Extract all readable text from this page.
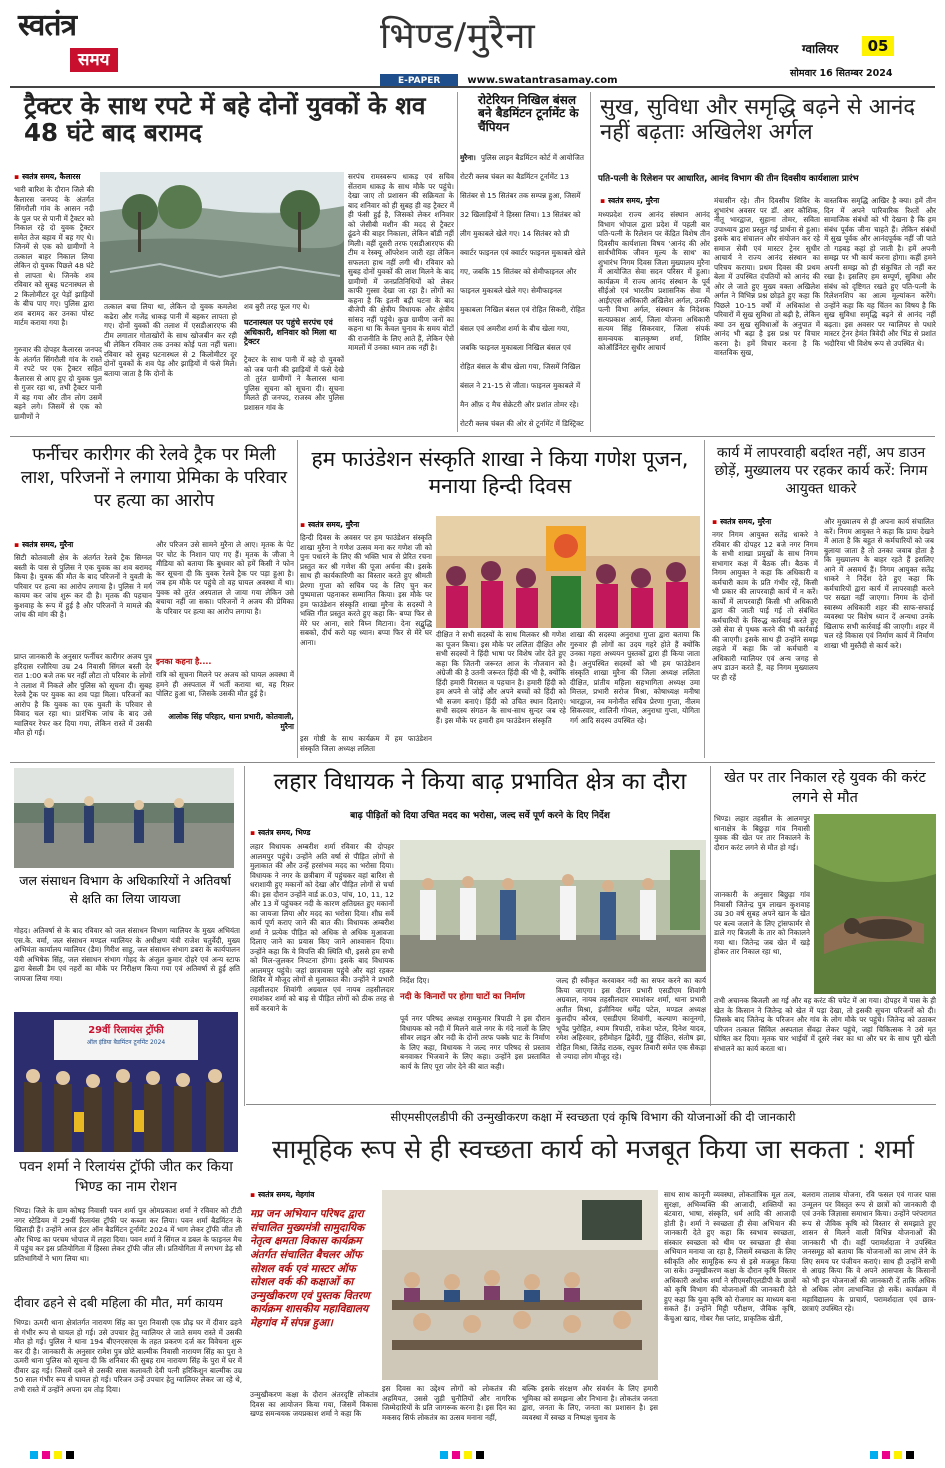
स्वतंत्र
समय
भिण्ड/मुरैना
E-PAPER	www.swatantrasamay.com
ग्वालियर	05
सोमवार 16 सितम्बर 2024
ट्रैक्टर के साथ रपटे में बहे दोनों युवकों के शव 48 घंटे बाद बरामद
▪ स्वतंत्र समय, कैलारस
भारी बारिश के दौरान जिले की कैलारस जनपद के अंतर्गत सिंगरौली गांव के आसन नदी के पुल पर से पानी में ट्रैक्टर को निकाल रहे दो युवक ट्रैक्टर समेत तेज बहाव में बह गए थे। जिनमें से एक को ग्रामीणों ने तत्काल बाहर निकाल लिया लेकिन दो युवक पिछले 48 घंटे से लापता थे। जिनके शव रविवार को सुबह घटनास्थल से 2 किलोमीटर दूर पेड़ों झाड़ियों के बीच पाए गए। पुलिस द्वारा शव बरामद कर उनका पोस्ट मार्टम कराया गया है।
गुरुवार की दोपहर कैलारस जनपद के अंतर्गत सिंगरौली गांव के रास्ते में रपटे पर एक ट्रैक्टर सहित कैलारस से आए हुए दो युवक पुल से गुजर रहा था, तभी ट्रैक्टर पानी में बह गया और तीन लोग उसमें बहने लगे। जिसमें से एक को ग्रामीणों ने
तत्काल बचा लिया था, लेकिन दो युवक कमलेश कढेरा और गजेंद्र धाकड़ पानी में बहकर लापता हो गए। दोनों युवकों की तलाश में एसडीआरएफ की टीम लगातार गोताखोरों के साथ खोजबीन कर रही थी लेकिन रविवार तक उनका कोई पता नहीं चला। रविवार को सुबह घटनास्थल से 2 किलोमीटर दूर दोनों युवकों के शव पेड़ और झाड़ियों में फंसे मिले। बताया जाता है कि दोनों के
शव बुरी तरह फूल गए थे।
घटनास्थल पर पहुंचे सरपंच एवं अधिकारी, शनिवार को मिला था ट्रैक्टर
ट्रैक्टर के साथ पानी में बहे दो युवकों को जब पानी की झाड़ियों में फंसे देखे तो तुरंत ग्रामीणों ने कैलारस थाना पुलिस सूचना को सूचना दी। सूचना मिलते ही जनपद, राजस्व और पुलिस प्रशासन गांव के
सरपंच रामस्वरूप धाकड़ एवं सचिव सेंतराम धाकड़ के साथ मौके पर पहुंचे। देखा जाए तो प्रशासन की सक्रियता के बाद शनिवार को ही सुबह ही वह ट्रैक्टर में ही फंसी हुई है, जिसको लेकर शनिवार को जेसीबी मशीन की मदद से ट्रैक्टर ढूंढने की बाहर निकाला, लेकिन बॉडी नहीं मिली। वहीं दूसरी तरफ एसडीआरएफ की टीम व रेस्क्यू ऑपरेशन जारी रहा लेकिन सफलता हाथ नहीं लगी थी। रविवार को सुबह दोनों युवकों की लाश मिलने के बाद ग्रामीणों में जनप्रतिनिधियों को लेकर काफी गुस्सा देखा जा रहा है। लोगों का कहना है कि इतनी बड़ी घटना के बाद बीजेपी की क्षेत्रीय विधायक और क्षेत्रीय सांसद नहीं पहुंचे। कुछ ग्रामीण जनों का कहना था कि केवल चुनाव के समय वोटों की राजनीति के लिए आते हैं, लेकिन ऐसे मामलों में उनका ध्यान तक नहीं है।
रोटेरियन निखिल बंसल बने बैडमिंटन टूर्नामेंट के चैंपियन
मुरैना। पुलिस लाइन बैडमिंटन कोर्ट में आयोजित रोटरी क्लब चंबल का बैडमिंटन टूर्नामेंट 13 सितंबर से 15 सितंबर तक सम्पन्न हुआ, जिसमें 32 खिलाड़ियों ने हिस्सा लिया। 13 सितंबर को लीग मुकाबले खेले गए। 14 सितंबर को प्री क्वार्टर फाइनल एवं क्वार्टर फाइनल मुकाबले खेले गए, जबकि 15 सितंबर को सेमीफाइनल और फाइनल मुकाबले खेले गए। सेमीफाइनल मुकाबला निखिल बंसल एवं रोहित सिकरी, रोहित बंसल एवं अमरीश शर्मा के बीच खेला गया, जबकि फाइनल मुकाबला निखिल बंसल एवं रोहित बंसल के बीच खेला गया, जिसमें निखिल बंसल ने 21-15 से जीता। फाइनल मुकाबले में मैन ऑफ़ द मैच सेक्रेटरी और प्रशांत तोमर रहे। रोटरी क्लब चंबल की ओर से टूर्नामेंट में डिस्ट्रिक्ट
सुख, सुविधा और समृद्धि बढ़ने से आनंद नहीं बढ़ताः अखिलेश अर्गल
पति-पत्नी के रिलेशन पर आधारित, आनंद विभाग की तीन दिवसीय कार्यशाला प्रारंभ
▪ स्वतंत्र समय, मुरैना
मध्यप्रदेश राज्य आनंद संस्थान आनंद विभाग भोपाल द्वारा प्रदेश में पहली बार पति-पत्नी के रिलेशन पर केंद्रित विशेष तीन दिवसीय कार्यशाला विषय 'आनंद की ओर सार्वभौमिक जीवन मूल्य के साथ' का शुभारंभ निगम दिवस जिला मुख्यालय मुरैना में आयोजित सेवा सदन परिसर में हुआ। कार्यक्रम में राज्य आनंद संस्थान के पूर्व सीईओ एवं भारतीय प्रशासनिक सेवा में आईएएस अधिकारी अखिलेश अर्गल, उनकी पत्नी विभा अर्गल, संस्थान के निदेशक सत्यप्रकाश आर्य, जिला योजना अधिकारी सत्यम सिंह सिकरवार, जिला संपर्क समन्वयक बालकृष्ण शर्मा, शिविर कोऑर्डिनेटर सुधीर आचार्य
मंचासीन रहे। तीन दिवसीय शिविर के शुभारंभ अवसर पर डॉ. आर कौशिक, नीतू भारद्वाज, सुहाना तोमर, सविता उपाध्याय द्वारा प्रस्तुत गई प्रार्थना से हुआ। इसके बाद संचालन और संयोजन कर रहे समाज सेवी एवं मास्टर ट्रेनर सुधीर आचार्य ने राज्य आनंद संस्थान का परिचय कराया। प्रथम दिवस की प्रथम बेला में उपस्थित दंपतियों को आनंद की ओर ले जाते हुए मुख्य वक्ता अखिलेश अर्गल ने विभिन्न प्रश्न छोड़ते हुए कहा कि पिछले 10-15 वर्षों में अधिकांश से परिवारों में सुख सुविधा तो बढ़ी है, लेकिन क्या उन सुख सुविधाओं के अनुपात में आनंद भी बढ़ा है इस प्रश्न पर विचार करना है। हमें विचार करना है कि वास्तविक सुख,
वास्तविक समृद्धि आखिर है क्या। हमें तीन दिन में अपने पारिवारिक रिश्तों और सामाजिक संबंधों को भी देखना है कि हम संबंध पूर्वक जीना चाहते हैं। लेकिन संबंधों में सुख पूर्वक और आनंदपूर्वक नहीं जी पाते तो गड़बड़ कहां हो जाती है। हमें अपनी समझ पर भी कार्य करना होगा। कहीं हमने अपनी समझ को ही संकुचित तो नहीं कर रखा है। इसलिए हम सम्पूर्ण, सुविधा और संबंध को दृष्टिगत रखते हुए पति-पत्नी के रिलेशनशिप का आत्म मूल्यांकन करेंगे। उन्होंने कहा कि यह चिंतन का विषय है कि सुख सुविधा समृद्धि बढ़ने से आनंद नहीं बढ़ता। इस अवसर पर ग्वालियर से पधारे मास्टर ट्रेनर हेमंत त्रिवेदी और भिंड से प्रशांत भदौरिया भी विशेष रूप से उपस्थित थे।
फर्नीचर कारीगर की रेलवे ट्रैक पर मिली लाश, परिजनों ने लगाया प्रेमिका के परिवार पर हत्या का आरोप
▪ स्वतंत्र समय, मुरैना
सिटी कोतवाली क्षेत्र के अंतर्गत रेलवे ट्रैक सिग्नल बस्ती के पास से पुलिस ने एक युवक का शव बरामद किया है। युवक की मौत के बाद परिजनों ने युवती के परिवार पर हत्या का आरोप लगाया है। पुलिस ने मर्ग कायम कर जांच शुरू कर दी है। मृतक की पहचान कुशवाह के रूप में हुई है और परिजनों ने मामले की जांच की मांग की है।
प्राप्त जानकारी के अनुसार फर्नीचर कारीगर अजय पुत्र हरिदास रजौरिया उम्र 24 निवासी सिंगल बस्ती देर रात 1:00 बजे तक घर नहीं लौटा तो परिवार के लोगों ने तलाश में निकले और पुलिस को सूचना दी। सुबह रेलवे ट्रैक पर युवक का शव पड़ा मिला। परिजनों का आरोप है कि युवक का एक युवती के परिवार से विवाद चल रहा था। प्रारंभिक जांच के बाद उसे ग्वालियर रेफर कर दिया गया, लेकिन रास्ते में उसकी मौत हो गई।
और परिजन उसे सामने मुरैना ले आए। मृतक के पेट पर चोट के निशान पाए गए हैं। मृतक के जीजा ने मीडिया को बताया कि बुधवार को हमें किसी ने फोन कर सूचना दी कि युवक रेलवे ट्रैक पर पड़ा हुआ है। जब हम मौके पर पहुंचे तो वह घायल अवस्था में था। युवक को तुरंत अस्पताल ले जाया गया लेकिन उसे बचाया नहीं जा सका। परिजनों ने अजय की प्रेमिका के परिवार पर हत्या का आरोप लगाया है।
इनका कहना है....
रात्रि को सूचना मिलने पर अजय को घायल अवस्था में हमने ही अस्पताल में भर्ती कराया था, वह रिफ़र पोलिट हुआ था, जिसके उसकी मौत हुई है।
आलोक सिंह परिहार, थाना प्रभारी, कोतवाली, मुरैना
हम फाउंडेशन संस्कृति शाखा ने किया गणेश पूजन, मनाया हिन्दी दिवस
▪ स्वतंत्र समय, मुरैना
हिन्दी दिवस के अवसर पर हम फाउंडेशन संस्कृति शाखा मुरैना ने गणेश उत्सव मना कर गणेश जी को पुनः पधारने के लिए की भक्ति भाव से प्रेरित रचना प्रस्तुत कर श्री गणेश की पूजा अर्चना की। इसके साथ ही कार्यकारिणी का विस्तार करते हुए श्रीमती प्रेरणा गुप्ता को सचिव पद के लिए चुन कर पुष्पमाला पहनाकर सम्मानित किया। इस मौके पर हम फाउंडेशन संस्कृति शाखा मुरैना के सदस्यों ने भक्ति गीत प्रस्तुत करते हुए कहा कि- बप्पा फिर से मेरे घर आना, सारे विघ्न मिटाना। देना सद्बुद्धि सबको, दीर्घ करो यह ध्यान। बप्पा फिर से मेरे घर आना।
इस गोष्ठी के साथ कार्यक्रम में हम फाउंडेशन संस्कृति जिला अध्यक्ष ललिता
दीक्षित ने सभी सदस्यों के साथ मिलकर श्री गणेश का पूजन किया। इस मौके पर ललिता दीक्षित और सभी सदस्यों ने हिंदी भाषा पर विशेष जोर देते हुए कहा कि जितनी जरूरत आज के नौजवान को अंग्रेजी की है उतनी जरूरत हिंदी की भी है, क्योंकि हिंदी हमारी विरासत व पहचान है। हमारी हिंदी को हम अपने से जोड़ें और अपने बच्चों को हिंदी को भी सजग बनाएं। हिंदी को उचित स्थान दिलाएं। सभी सदस्य संगठन के साथ-साथ सुन्दर जब रहे हैं। इस मौके पर हमारी हम फाउंडेशन संस्कृति
शाखा की सदस्या अनुराधा गुप्ता द्वारा बताया कि गुरुवार ही लोगों का उदय गहरे होते हैं क्योंकि उनका गहरा अध्ययन पुस्तकों द्वारा ही किया जाता है। अनुपस्थित सदस्यों को भी हम फाउंडेशन संस्कृति शाखा मुरैना की जिला अध्यक्ष ललिता दीक्षित, प्रांतीय महिला सहभागिता अध्यक्ष उमा मित्तल, प्रभारी सरोज मिश्रा, कोषाध्यक्ष मनीषा भारद्वाज, नव मनोनीत सचिव प्रेरणा गुप्ता, नीलम सिकरवार, शालिनी गोयल, अनुराधा गुप्ता, योगिता गर्ग आदि सदस्य उपस्थित रहे।
कार्य में लापरवाही बर्दाश्त नहीं, अप डाउन छोड़ें, मुख्यालय पर रहकर कार्य करें: निगम आयुक्त धाकरे
▪ स्वतंत्र समय, मुरैना
नगर निगम आयुक्त सतेंद्र धाकरे ने रविवार की दोपहर 12 बजे नगर निगम के सभी शाखा प्रमुखों के साथ निगम सभागार कक्ष में बैठक ली। बैठक में निगम आयुक्त ने कहा कि अधिकारी व कर्मचारी काम के प्रति गंभीर रहें, किसी भी प्रकार की लापरवाही कार्य में न करें। कार्यों में लापरवाही किसी भी अधिकारी द्वारा की जाती पाई गई तो संबंधित कर्मचारियों के विरुद्ध कार्रवाई करते हुए उसे सेवा से पृथक करने की भी कार्रवाई की जाएगी। इसके साथ ही उन्होंने समझ लहजे में कहा कि जो कर्मचारी व अधिकारी ग्वालियर एवं अन्य जगह से अप डाउन करते हैं, वह निगम मुख्यालय पर ही रहें
और मुख्यालय से ही अपना कार्य संचालित करें। निगम आयुक्त ने कहा कि प्रायः देखने में आता है कि बहुत से कर्मचारियों को जब बुलाया जाता है तो उनका जवाब होता है कि मुख्यालय के बाहर रहते हैं इसलिए आने में असमर्थ हैं। निगम आयुक्त सतेंद्र धाकरे ने निर्देश देते हुए कहा कि कर्मचारियों द्वारा कार्य में लापरवाही करने पर सख्ता नहीं जाएगा। निगम के दोनों स्वास्थ्य अधिकारी शहर की साफ-सफाई व्यवस्था पर विशेष ध्यान दें अन्यथा उनके खिलाफ सभी कार्रवाई की जाएगी। शहर में चल रहे विकास एवं निर्माण कार्य में निर्माण शाखा भी मुस्तैदी से कार्य करे।
जल संसाधन विभाग के अधिकारियों ने अतिवर्षा से क्षति का लिया जायजा
गोहद। अतिवर्षा से के बाद रविवार को जल संसाधन विभाग ग्वालियर के मुख्य अभियंता एस.के. वर्मा, जल संसाधन मण्डल ग्वालियर के अधीक्षण यंत्री राजेश चतुर्वेदी, मुख्य अभियंता कार्यालय ग्वालियर (डैम) गिरीश साहू, जल संसाधन संभाग डबरा के कार्यपालन यंत्री अभिषेक सिंह, जल संसाधन संभाग गोहद के अंजुल कुमार दोहरे एवं अन्य स्टाफ द्वारा बेसली डैम एवं नहरों का मौके पर निरीक्षण किया गया एवं अतिवर्षा से हुई क्षति जायजा लिया गया।
29वीं रिलायंस ट्रॉफी
ऑल इंडिया बैडमिंटन टूर्नामेंट 2024
पवन शर्मा ने रिलायंस ट्रॉफी जीत कर किया भिण्ड का नाम रोशन
भिण्ड। जिले के ग्राम कोषड़ निवासी पवन शर्मा पुत्र ओमप्रकाश शर्मा ने रविवार को टीटी नगर स्टेडियम में 29वीं रिलायंस ट्रॉफी पर कब्जा कर लिया। पवन शर्मा बैडमिंटन के खिलाड़ी हैं। उन्होंने आज इंटर ऑन बैडमिंटन टूर्नामेंट 2024 में भाग लेकर ट्रॉफी जीत ली और भिण्ड का परचम भोपाल में लहरा दिया। पवन शर्मा ने सिंगल व डबल के फाइनल मैच में पहुंच कर इस प्रतियोगिता में हिस्सा लेकर ट्रॉफी जीत ली। प्रतियोगिता में लगभग डेढ़ सौ प्रतिभागियों ने भाग लिया था।
दीवार ढहने से दबी महिला की मौत, मर्ग कायम
भिण्ड। ऊमरी थाना क्षेत्रांतर्गत नारायण सिंह का पुरा निवासी एक प्रौढ़ घर में दीवार ढहने से गंभीर रूप से घायल हो गई। उसे उपचार हेतु ग्वालियर ले जाते समय रास्ते में उसकी मौत हो गई। पुलिस ने थाना 194 बीएनएसएस के तहत प्रकरण दर्ज कर विवेचना शुरू कर दी है। जानकारी के अनुसार रामेश पुत्र छोटे बाल्मीक निवासी नारायण सिंह का पुरा ने ऊमरी थाना पुलिस को सूचना दी कि शनिवार की सुबह राम नारायण सिंह के पुरा में घर में दीवार ढह गई। जिसमें दबने से उसकी सास कलावती देवी पत्नी हरिकिशुन बाल्मीक उम्र 50 साल गंभीर रूप से घायल हो गई। परिजन उन्हें उपचार हेतु ग्वालियर लेकर जा रहे थे, तभी रास्ते में उन्होंने अपना दम तोड़ दिया।
लहार विधायक ने किया बाढ़ प्रभावित क्षेत्र का दौरा
बाढ़ पीड़ितों को दिया उचित मदद का भरोसा, जल्द सर्वे पूर्ण करने के दिए निर्देश
▪ स्वतंत्र समय, भिण्ड
लहार विधायक अम्बरीश शर्मा रविवार की दोपहर आलमपुर पहुंचे। उन्होंने अति वर्षा से पीड़ित लोगों से मुलाकात की और उन्हें हरसंभव मदद का भरोसा दिया। विधायक ने नगर के छत्रीबाग में पहुंचकर वहां बारिश से धराशायी हुए मकानों को देखा और पीड़ित लोगों से चर्चा की। इस दौरान उन्होंने वार्ड क्र.03, पांच, 10, 11, 12 और 13 में पहुंचकर नदी के कारण क्षतिग्रस्त हुए मकानों का जायजा लिया और मदद का भरोसा दिया। शीघ्र सर्वे कार्य पूर्ण कराए जाने की बात की। विधायक अम्बरीश शर्मा ने प्रत्येक पीड़ित को अधिक से अधिक मुआवजा दिलाए जाने का प्रयास किए जाने आश्वासन दिया। उन्होंने कहा कि ये विपत्ति की स्थिति थी, इससे हम सभी को मिल-जुलकर निपटना होगा। इसके बाद विधायक आलमपुर पहुंचे। जहां छात्रावास पहुंचे और वहां रहकर शिविर में मौजूद लोगों से मुलाकात की। उन्होंने ने प्रभारी तहसीलदार शिवांगी अग्रवाल एवं नायब तहसीलदार रमाशंकर शर्मा को बाढ़ से पीड़ित लोगों को ठीक तरह से सर्वे करवाने के
निर्देश दिए।
नदी के किनारों पर होगा घाटों का निर्माण
पूर्व नगर परिषद अध्यक्ष रामकुमार त्रिपाठी ने इस दौरान विधायक को नदी में मिलने वाले नगर के गंदे नालों के लिए सीवर लाइन और नदी के दोनों तरफ पक्के घाट के निर्माण के लिए कहा, विधायक ने जल्द नगर परिषद से प्रस्ताव बनवाकर भिजवाने के लिए कहा। उन्होंने इस प्रस्तावित कार्य के लिए पूरा जोर देने की बात कही।
जल्द ही स्वीकृत करवाकर नदी का सफर करने का कार्य किया जाएगा। इस दौरान प्रभारी एसडीएम शिवांगी अग्रवाल, नायब तहसीलदार रमाशंकर शर्मा, थाना प्रभारी अतीत मिश्रा, इंजीनियर धर्मेंद्र पटेल, मण्डल अध्यक्ष कुलदीप कौरव, एसडीएम शिवांगी, कल्याण कानूनगो, भूपेंद्र पुरोहित, श्याम त्रिपाठी, राकेश पटेल, दिनेश यादव, रमेश अहिरवार, हरीमोहन द्विवेदी, गुड्डु दीक्षित, संतोष झा, रोहित मिश्रा, जितेंद्र राठक, रघुवर तिवारी समेत एक सैकड़ा से ज्यादा लोग मौजूद रहे।
खेत पर तार निकाल रहे युवक की करंट लगने से मौत
भिण्ड। लहार तहसील के आलमपुर थानाक्षेत्र के बिछुड़ा गांव निवासी युवक की खेत पर तार निकालने के दौरान करंट लगने से मौत हो गई।
जानकारी के अनुसार बिछुड़ा गांव निवासी जितेन्द्र पुत्र लाखन कुशवाह उम्र 30 वर्ष सुबह अपने खान के खेत पर बल्व जलाने के लिए ट्रांसफार्मर से डाले गए बिजली के तार को निकालने गया था। जितेन्द्र जब खेत में खड़े होकर तार निकाल रहा था,
तभी अचानक बिजली आ गई और वह करंट की चपेट में आ गया। दोपहर में पास के ही खेत के किसान ने जितेन्द्र को खेत में पड़ा देखा, तो इसकी सूचना परिजनों को दी। जिसके बाद जितेन्द्र के परिजन और गांव के लोग मौके पर पहुंचे। जितेन्द्र को उठाकर परिजन तत्काल सिविल अस्पताल सेंवढ़ा लेकर पहुंचे, जहां चिकित्सक ने उसे मृत घोषित कर दिया। मृतक चार भाईयों में दूसरे नंबर का था और घर के साथ पूरी खेती संभालने का कार्य करता था।
सीएमसीएलडीपी की उन्मुखीकरण कक्षा में स्वच्छता एवं कृषि विभाग की योजनाओं की दी जानकारी
सामूहिक रूप से ही स्वच्छता कार्य को मजबूत किया जा सकता : शर्मा
▪ स्वतंत्र समय, मेहगांव
मप्र जन अभियान परिषद द्वारा संचालित मुख्यमंत्री सामुदायिक नेतृत्व क्षमता विकास कार्यक्रम अंतर्गत संचालित बैचलर ऑफ सोशल वर्क एवं मास्टर ऑफ सोशल वर्क की कक्षाओं का उन्मुखीकरण एवं पुस्तक वितरण कार्यक्रम शासकीय महाविद्यालय मेहगांव में संपन्न हुआ।
उन्मुखीकरण कक्षा के दौरान अंतरदृष्टि लोकतंत्र दिवस का आयोजन किया गया, जिसमें विकास खण्ड समन्वयक जयप्रकाश शर्मा ने कहा कि
इस दिवस का उद्देश्य लोगों को लोकतंत्र की अहमियत, उससे जुड़ी चुनौतियों और नागरिक जिम्मेदारियों के प्रति जागरूक करना है। इस दिन का मकसद सिर्फ लोकतंत्र का उत्सव मनाना नहीं,
बल्कि इसके संरक्षण और संवर्धन के लिए हमारी भूमिका को समझना और निभाना है। लोकतंत्र जनता द्वारा, जनता के लिए, जनता का प्रशासन है। इस व्यवस्था में स्वच्छ व निष्पक्ष चुनाव के
साथ साथ कानूनी व्यवस्था, लोकतांत्रिक मूल तत्व, सुरक्षा, अभिव्यक्ति की आजादी, शक्तियों का बंटवारा, भाषा, संस्कृति, धर्म आदि की आजादी होती है। शर्मा ने स्वच्छता ही सेवा अभियान की जानकारी देते हुए कहा कि स्वभाव स्वच्छता, संस्कार स्वच्छता को थीम पर स्वच्छता ही सेवा अभियान मनाया जा रहा है, जिसमें स्वच्छता के लिए स्वीकृति और सामूहिक रूप से इसे मजबूत किया जा सके। उन्मुखीकरण कक्षा के दौरान कृषि विस्तार अधिकारी अशोक शर्मा ने सीएमसीएलडीपी के छात्रों को कृषि विभाग की योजनाओं की जानकारी देते हुए कहा कि युवा कृषि को रोजगार का माध्यम बना सकते हैं। उन्होंने मिट्टी परीक्षण, जैविक कृषि, केंचुआ खाद, गोबर गैस प्लांट, प्राकृतिक खेती,
बलराम तालाब योजना, रवि फसल एवं गाजर घास उन्मूलन पर विस्तृत रूप से छात्रों को जानकारी दी एवं उनके जिज्ञासा समाधान किया। उन्होंने परंपरागत रूप से जैविक कृषि को विस्तार से समझाते हुए शासन से मिलने वाली विभिन्न योजनाओं की जानकारी भी दी। वहीं परामर्शदाता ने उपस्थित जनसमूह को बताया कि योजनाओं का लाभ लेने के लिए समय पर पंजीयन कराएं। साथ ही उन्होंने सभी से आग्रह किया कि वे अपने आसपास के किसानों को भी इन योजनाओं की जानकारी दें ताकि अधिक से अधिक लोग लाभान्वित हो सकें। कार्यक्रम में महाविद्यालय के प्राचार्य, परामर्शदाता एवं छात्र-छात्राएं उपस्थित रहे।
